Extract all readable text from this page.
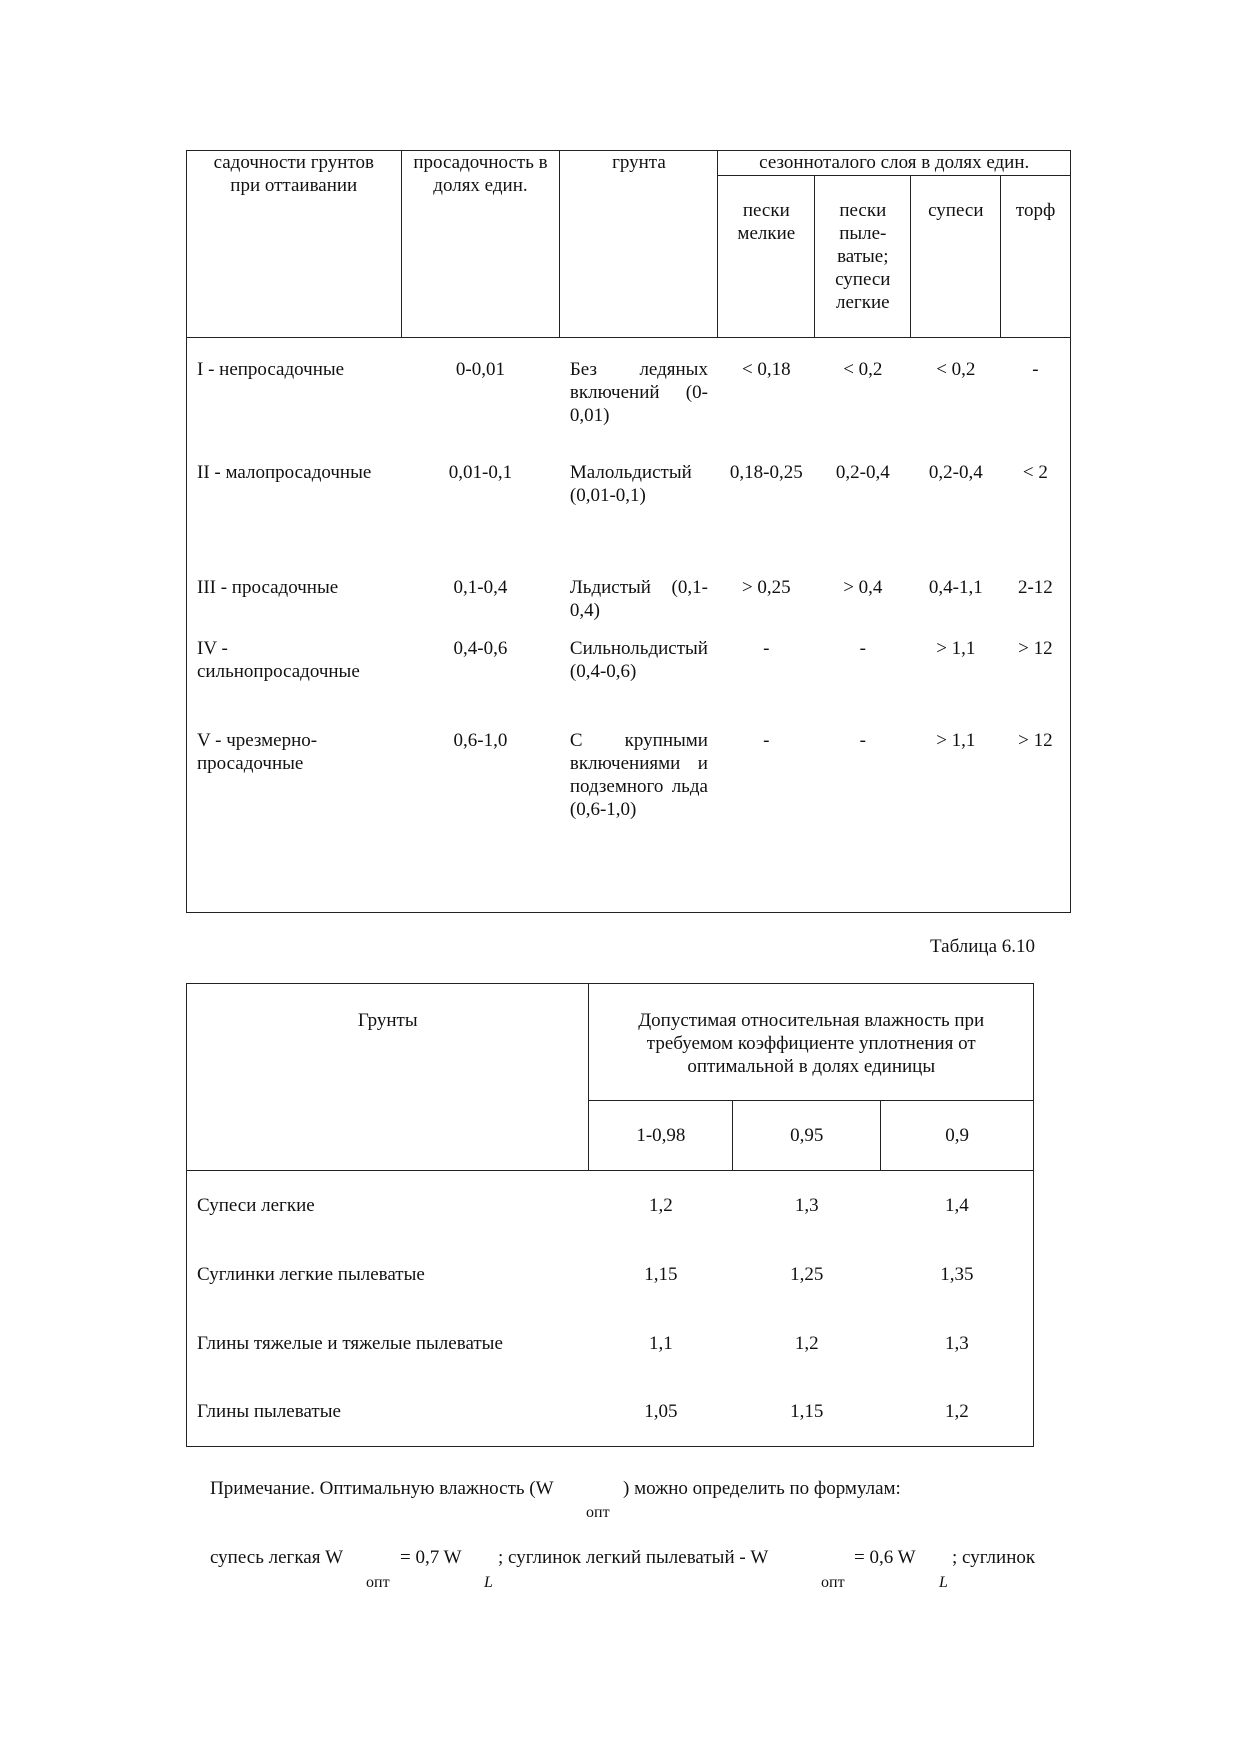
садочности грунтов при оттаивании	просадочность в долях един.	грунта	сезонноталого слоя в долях един.			
			пески мелкие	пески пыле-ватые; супеси легкие	супеси	торф
I - непросадочные	0-0,01	Без ледяных включений (0-0,01)	< 0,18	< 0,2	< 0,2	-
II - малопросадочные	0,01-0,1	Малольдистый (0,01-0,1)	0,18-0,25	0,2-0,4	0,2-0,4	< 2
III - просадочные	0,1-0,4	Льдистый (0,1-0,4)	> 0,25	> 0,4	0,4-1,1	2-12
IV - сильнопросадочные	0,4-0,6	Сильнольдистый (0,4-0,6)	-	-	> 1,1	> 12
V - чрезмерно-просадочные	0,6-1,0	С крупными включениями и подземного льда (0,6-1,0)	-	-	> 1,1	> 12
Таблица 6.10
Грунты	Допустимая относительная влажность при требуемом коэффициенте уплотнения от оптимальной в долях единицы		
	1-0,98	0,95	0,9
Супеси легкие	1,2	1,3	1,4
Суглинки легкие пылеватые	1,15	1,25	1,35
Глины тяжелые и тяжелые пылеватые	1,1	1,2	1,3
Глины пылеватые	1,05	1,15	1,2
Примечание. Оптимальную влажность (W	) можно определить по формулам:
опт
супесь легкая W	= 0,7 W ; суглинок легкий пылеватый - W	= 0,6 W ; суглинок
опт	L	опт	L
